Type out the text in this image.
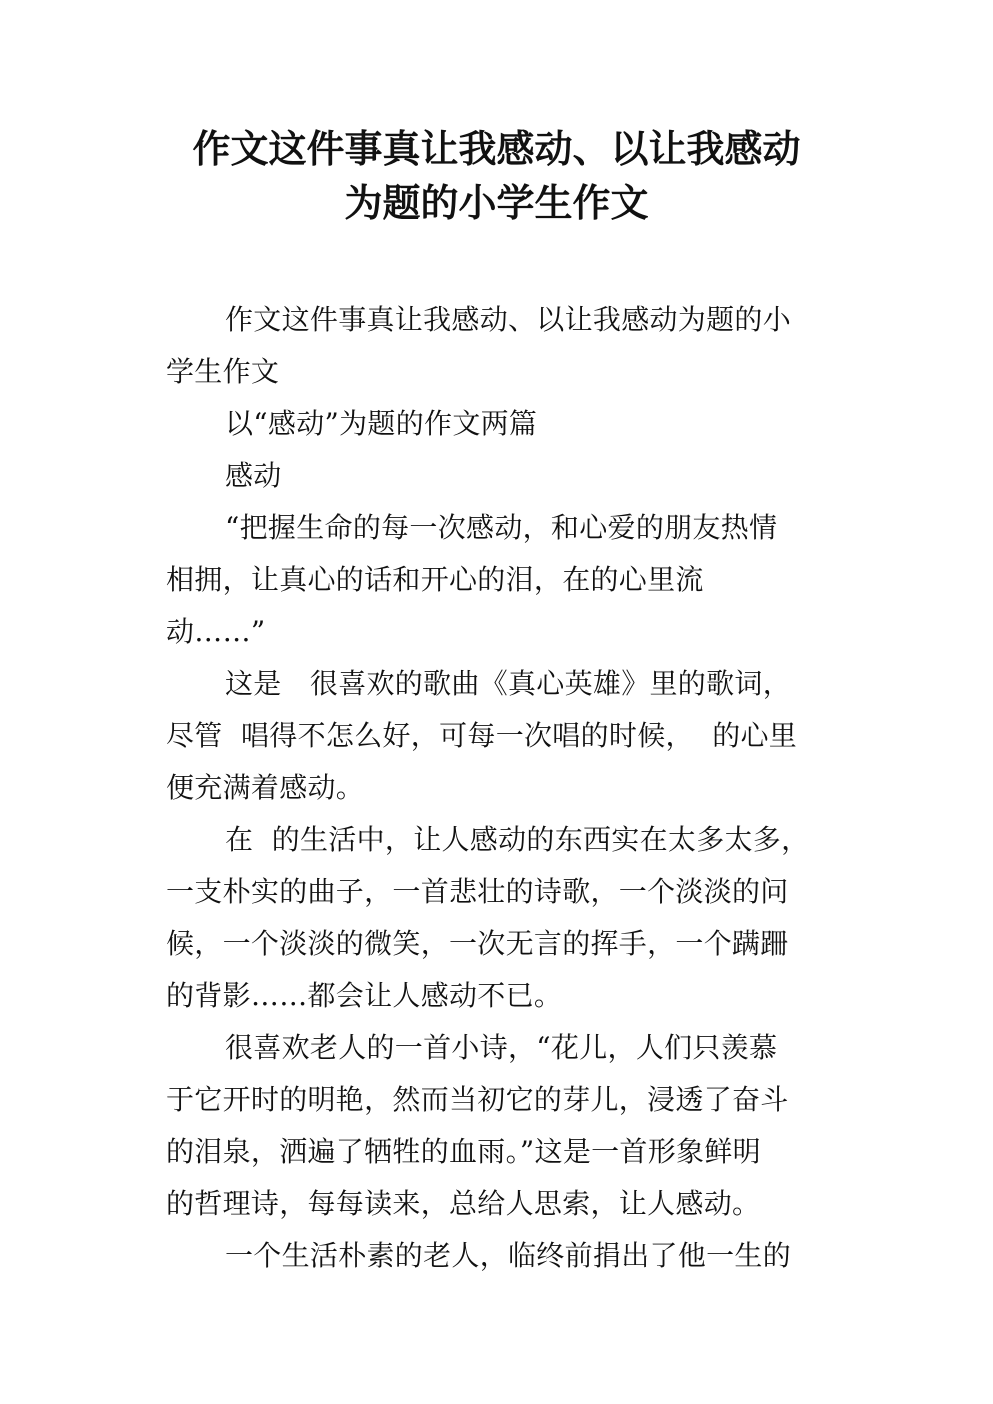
作文这件事真让我感动、以让我感动
为题的小学生作文
作文这件事真让我感动、以让我感动为题的小
学生作文
以“感动”为题的作文两篇
感动
“把握生命的每一次感动，和心爱的朋友热情
相拥，让真心的话和开心的泪，在的心里流
动……”
这是　很喜欢的歌曲《真心英雄》里的歌词，
尽管  唱得不怎么好，可每一次唱的时候，  的心里
便充满着感动。
在  的生活中，让人感动的东西实在太多太多，
一支朴实的曲子，一首悲壮的诗歌，一个淡淡的问
候，一个淡淡的微笑，一次无言的挥手，一个蹒跚
的背影……都会让人感动不已。
很喜欢老人的一首小诗，“花儿，人们只羡慕
于它开时的明艳，然而当初它的芽儿，浸透了奋斗
的泪泉，洒遍了牺牲的血雨。”这是一首形象鲜明
的哲理诗，每每读来，总给人思索，让人感动。
一个生活朴素的老人，临终前捐出了他一生的
